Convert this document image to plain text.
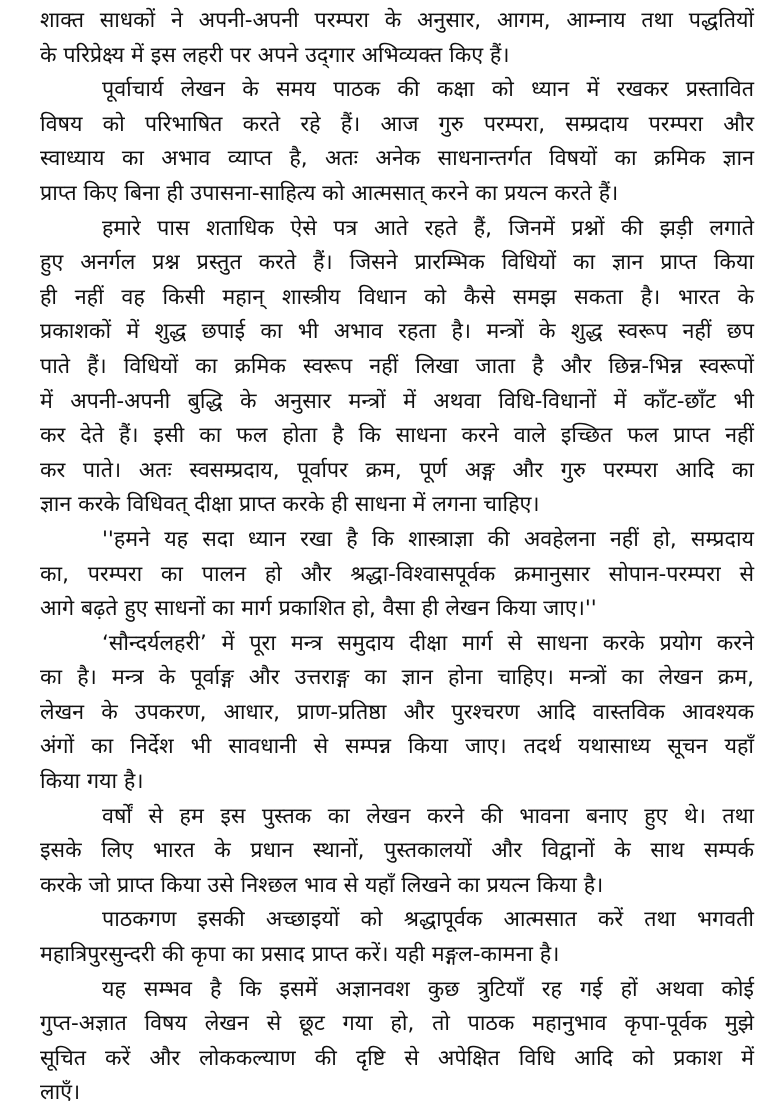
शाक्त साधकों ने अपनी-अपनी परम्परा के अनुसार, आगम, आम्नाय तथा पद्धतियों
के परिप्रेक्ष्य में इस लहरी पर अपने उद्‌गार अभिव्यक्त किए हैं।

पूर्वाचार्य लेखन के समय पाठक की कक्षा को ध्यान में रखकर प्रस्तावित
विषय को परिभाषित करते रहे हैं। आज गुरु परम्परा, सम्प्रदाय परम्परा और
स्वाध्याय का अभाव व्याप्त है, अतः अनेक साधनान्तर्गत विषयों का क्रमिक ज्ञान
प्राप्त किए बिना ही उपासना-साहित्य को आत्मसात् करने का प्रयत्न करते हैं।

हमारे पास शताधिक ऐसे पत्र आते रहते हैं, जिनमें प्रश्नों की झड़ी लगाते
हुए अनर्गल प्रश्न प्रस्तुत करते हैं। जिसने प्रारम्भिक विधियों का ज्ञान प्राप्त किया
ही नहीं वह किसी महान् शास्त्रीय विधान को कैसे समझ सकता है। भारत के
प्रकाशकों में शुद्ध छपाई का भी अभाव रहता है। मन्त्रों के शुद्ध स्वरूप नहीं छप
पाते हैं। विधियों का क्रमिक स्वरूप नहीं लिखा जाता है और छिन्न-भिन्न स्वरूपों
में अपनी-अपनी बुद्धि के अनुसार मन्त्रों में अथवा विधि-विधानों में काँट-छाँट भी
कर देते हैं। इसी का फल होता है कि साधना करने वाले इच्छित फल प्राप्त नहीं
कर पाते। अतः स्वसम्प्रदाय, पूर्वापर क्रम, पूर्ण अङ्ग और गुरु परम्परा आदि का
ज्ञान करके विधिवत् दीक्षा प्राप्त करके ही साधना में लगना चाहिए।

''हमने यह सदा ध्यान रखा है कि शास्त्राज्ञा की अवहेलना नहीं हो, सम्प्रदाय
का, परम्परा का पालन हो और श्रद्धा-विश्वासपूर्वक क्रमानुसार सोपान-परम्परा से
आगे बढ़ते हुए साधनों का मार्ग प्रकाशित हो, वैसा ही लेखन किया जाए।''

‘सौन्दर्यलहरी’ में पूरा मन्त्र समुदाय दीक्षा मार्ग से साधना करके प्रयोग करने
का है। मन्त्र के पूर्वाङ्ग और उत्तराङ्ग का ज्ञान होना चाहिए। मन्त्रों का लेखन क्रम,
लेखन के उपकरण, आधार, प्राण-प्रतिष्ठा और पुरश्चरण आदि वास्तविक आवश्यक
अंगों का निर्देश भी सावधानी से सम्पन्न किया जाए। तदर्थ यथासाध्य सूचन यहाँ
किया गया है।

वर्षों से हम इस पुस्तक का लेखन करने की भावना बनाए हुए थे। तथा
इसके लिए भारत के प्रधान स्थानों, पुस्तकालयों और विद्वानों के साथ सम्पर्क
करके जो प्राप्त किया उसे निश्छल भाव से यहाँ लिखने का प्रयत्न किया है।

पाठकगण इसकी अच्छाइयों को श्रद्धापूर्वक आत्मसात करें तथा भगवती
महात्रिपुरसुन्दरी की कृपा का प्रसाद प्राप्त करें। यही मङ्गल-कामना है।

यह सम्भव है कि इसमें अज्ञानवश कुछ त्रुटियाँ रह गई हों अथवा कोई
गुप्त-अज्ञात विषय लेखन से छूट गया हो, तो पाठक महानुभाव कृपा-पूर्वक मुझे
सूचित करें और लोककल्याण की दृष्टि से अपेक्षित विधि आदि को प्रकाश में
लाएँ।
